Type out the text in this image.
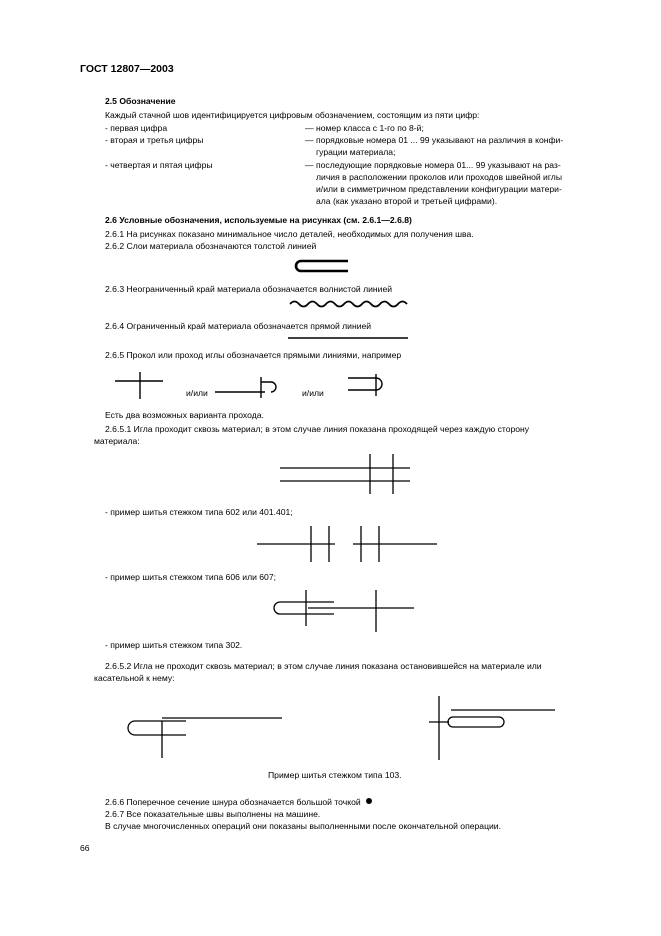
ГОСТ 12807—2003
2.5 Обозначение
Каждый стачной шов идентифицируется цифровым обозначением, состоящим из пяти цифр:
- первая цифра	— номер класса с 1-го по 8-й;
- вторая и третья цифры	— порядковые номера 01 ... 99 указывают на различия в конфи-
гурации материала;
- четвертая и пятая цифры	— последующие порядковые номера 01... 99 указывают на раз-
личия в расположении проколов или проходов швейной иглы
и/или в симметричном представлении конфигурации матери-
ала (как указано второй и третьей цифрами).
2.6 Условные обозначения, используемые на рисунках (см. 2.6.1—2.6.8)
2.6.1 На рисунках показано минимальное число деталей, необходимых для получения шва.
2.6.2 Слои материала обозначаются толстой линией
2.6.3 Неограниченный край материала обозначается волнистой линией
2.6.4 Ограниченный край материала обозначается прямой линией
2.6.5 Прокол или проход иглы обозначается прямыми линиями, например
и/или	и/или
Есть два возможных варианта прохода.
2.6.5.1 Игла проходит сквозь материал; в этом случае линия показана проходящей через каждую сторону
материала:
- пример шитья стежком типа 602 или 401.401;
- пример шитья стежком типа 606 или 607;
- пример шитья стежком типа 302.
2.6.5.2 Игла не проходит сквозь материал; в этом случае линия показана остановившейся на материале или
касательной к нему:
Пример шитья стежком типа 103.
2.6.6 Поперечное сечение шнура обозначается большой точкой
2.6.7 Все показательные швы выполнены на машине.
В случае многочисленных операций они показаны выполненными после окончательной операции.
66
